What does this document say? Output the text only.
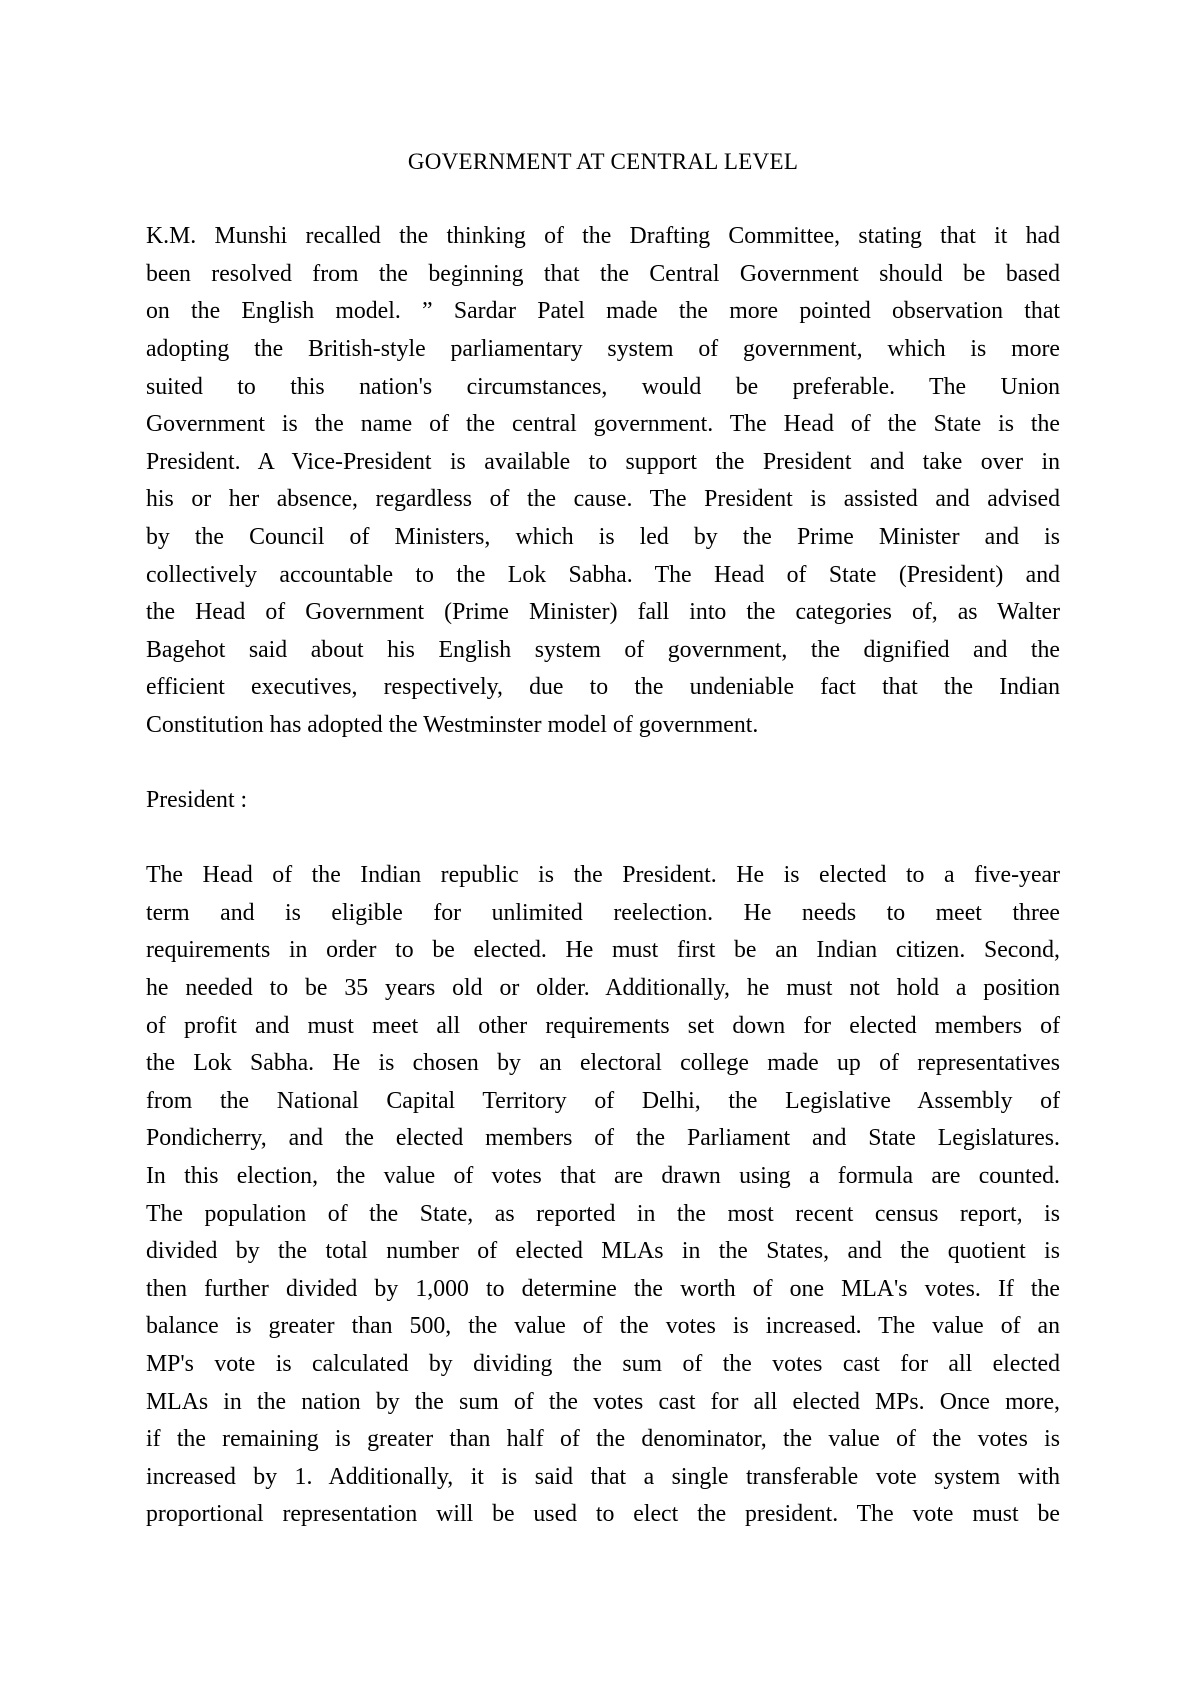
GOVERNMENT AT CENTRAL LEVEL

K.M. Munshi recalled the thinking of the Drafting Committee, stating that it had
been resolved from the beginning that the Central Government should be based
on the English model. ” Sardar Patel made the more pointed observation that
adopting the British-style parliamentary system of government, which is more
suited to this nation's circumstances, would be preferable. The Union
Government is the name of the central government. The Head of the State is the
President. A Vice-President is available to support the President and take over in
his or her absence, regardless of the cause. The President is assisted and advised
by the Council of Ministers, which is led by the Prime Minister and is
collectively accountable to the Lok Sabha. The Head of State (President) and
the Head of Government (Prime Minister) fall into the categories of, as Walter
Bagehot said about his English system of government, the dignified and the
efficient executives, respectively, due to the undeniable fact that the Indian
Constitution has adopted the Westminster model of government.

President :

The Head of the Indian republic is the President. He is elected to a five-year
term and is eligible for unlimited reelection. He needs to meet three
requirements in order to be elected. He must first be an Indian citizen. Second,
he needed to be 35 years old or older. Additionally, he must not hold a position
of profit and must meet all other requirements set down for elected members of
the Lok Sabha. He is chosen by an electoral college made up of representatives
from the National Capital Territory of Delhi, the Legislative Assembly of
Pondicherry, and the elected members of the Parliament and State Legislatures.
In this election, the value of votes that are drawn using a formula are counted.
The population of the State, as reported in the most recent census report, is
divided by the total number of elected MLAs in the States, and the quotient is
then further divided by 1,000 to determine the worth of one MLA's votes. If the
balance is greater than 500, the value of the votes is increased. The value of an
MP's vote is calculated by dividing the sum of the votes cast for all elected
MLAs in the nation by the sum of the votes cast for all elected MPs. Once more,
if the remaining is greater than half of the denominator, the value of the votes is
increased by 1. Additionally, it is said that a single transferable vote system with
proportional representation will be used to elect the president. The vote must be
